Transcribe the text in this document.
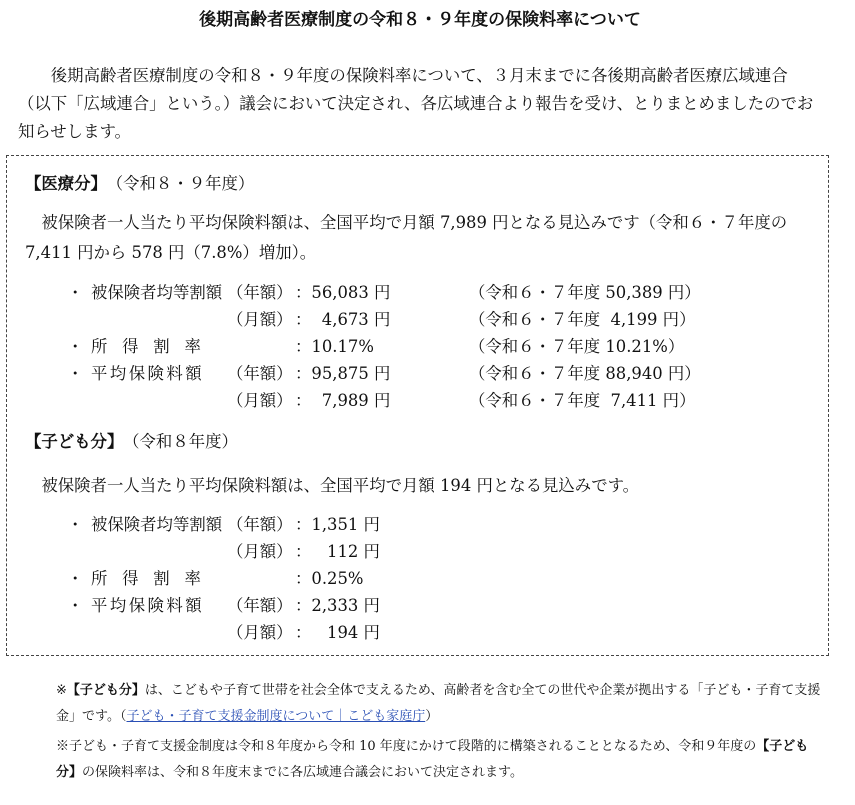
後期高齢者医療制度の令和８・９年度の保険料率について
後期高齢者医療制度の令和８・９年度の保険料率について、３月末までに各後期高齢者医療広域連合（以下「広域連合」という。）議会において決定され、各広域連合より報告を受け、とりまとめましたのでお知らせします。
【医療分】 （令和８・９年度）
被保険者一人当たり平均保険料額は、全国平均で月額 7,989 円となる見込みです（令和６・７年度の 7,411 円から 578 円（7.8%）増加）。
・ 被保険者均等割額 （年額） ：56,083 円	（令和６・７年度 50,389 円）
（月額） ：  4,673 円	（令和６・７年度  4,199 円）
・ 所得割率	：10.17%	（令和６・７年度 10.21%）
・ 平均保険料額 （年額） ：95,875 円	（令和６・７年度 88,940 円）
（月額） ：  7,989 円	（令和６・７年度  7,411 円）
【子ども分】 （令和８年度）
被保険者一人当たり平均保険料額は、全国平均で月額 194 円となる見込みです。
・ 被保険者均等割額 （年額） ：1,351 円
（月額） ：   112 円
・ 所得割率	：0.25%
・ 平均保険料額 （年額） ：2,333 円
（月額） ：   194 円
※【子ども分】は、こどもや子育て世帯を社会全体で支えるため、高齢者を含む全ての世代や企業が拠出する「子ども・子育て支援金」です。（子ども・子育て支援金制度について｜こども家庭庁）
※子ども・子育て支援金制度は令和８年度から令和 10 年度にかけて段階的に構築されることとなるため、令和９年度の【子ども分】の保険料率は、令和８年度末までに各広域連合議会において決定されます。
